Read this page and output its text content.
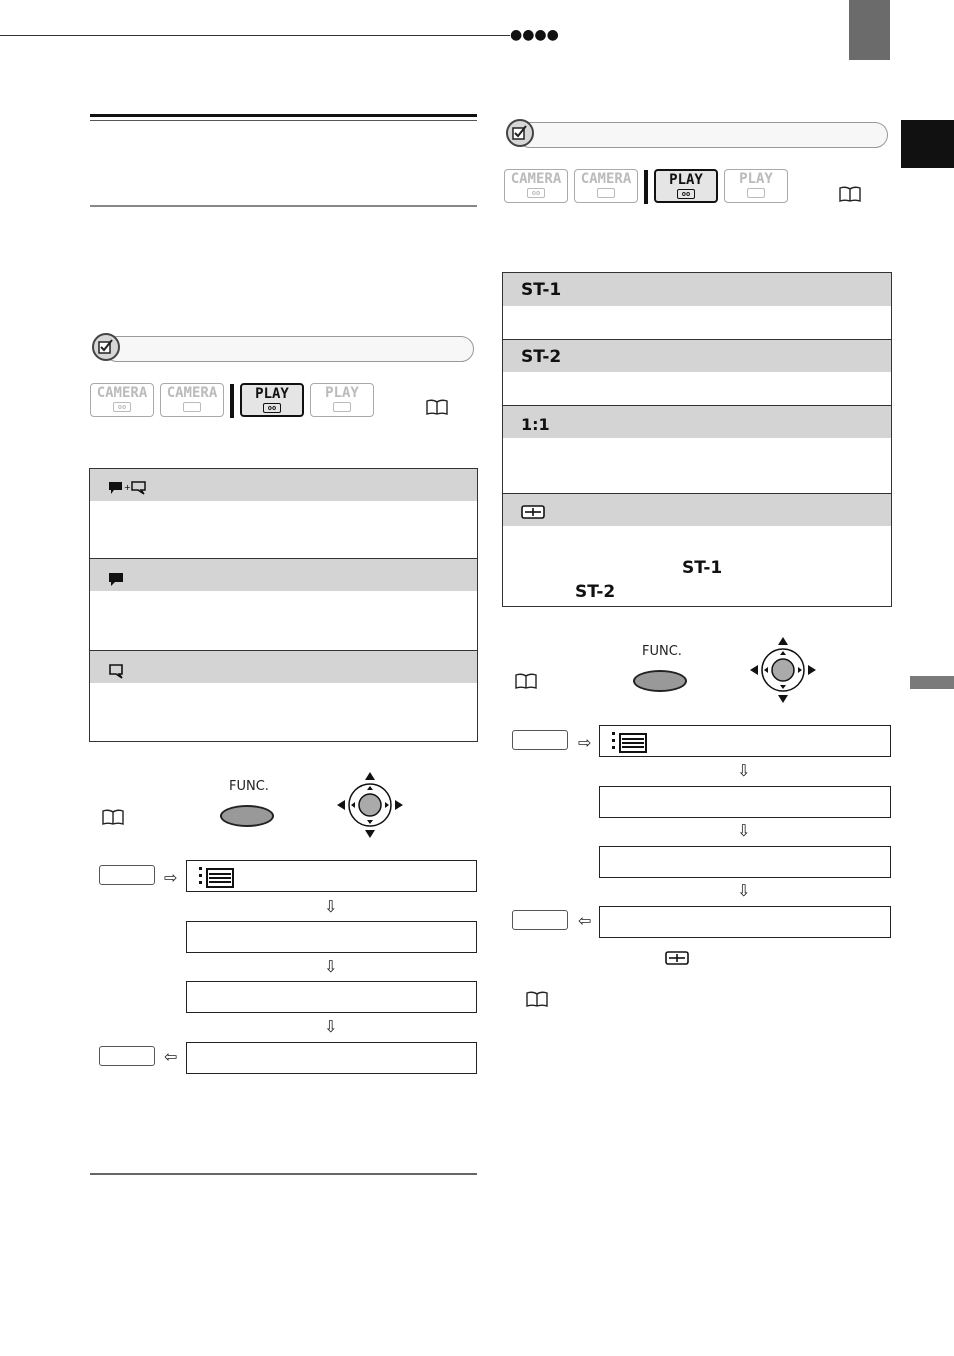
●●●●
CAMERA
oo
CAMERA	PLAY
oo
PLAY
+
FUNC.
⇨
⇩
⇩
⇩
⇦
CAMERA
oo
CAMERA	PLAY
oo
PLAY
ST-1
ST-2
1:1
ST-1
ST-2
FUNC.
⇨
⇩
⇩
⇩
⇦
